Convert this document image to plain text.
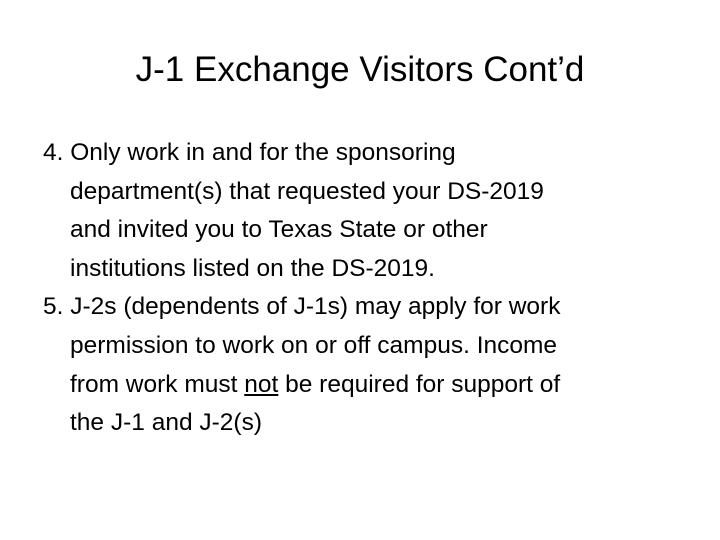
J-1 Exchange Visitors Cont’d

4. Only work in and for the sponsoring
department(s) that requested your DS-2019
and invited you to Texas State or other
institutions listed on the DS-2019.

5. J-2s (dependents of J-1s) may apply for work
permission to work on or off campus. Income
from work must not be required for support of
the J-1 and J-2(s)
